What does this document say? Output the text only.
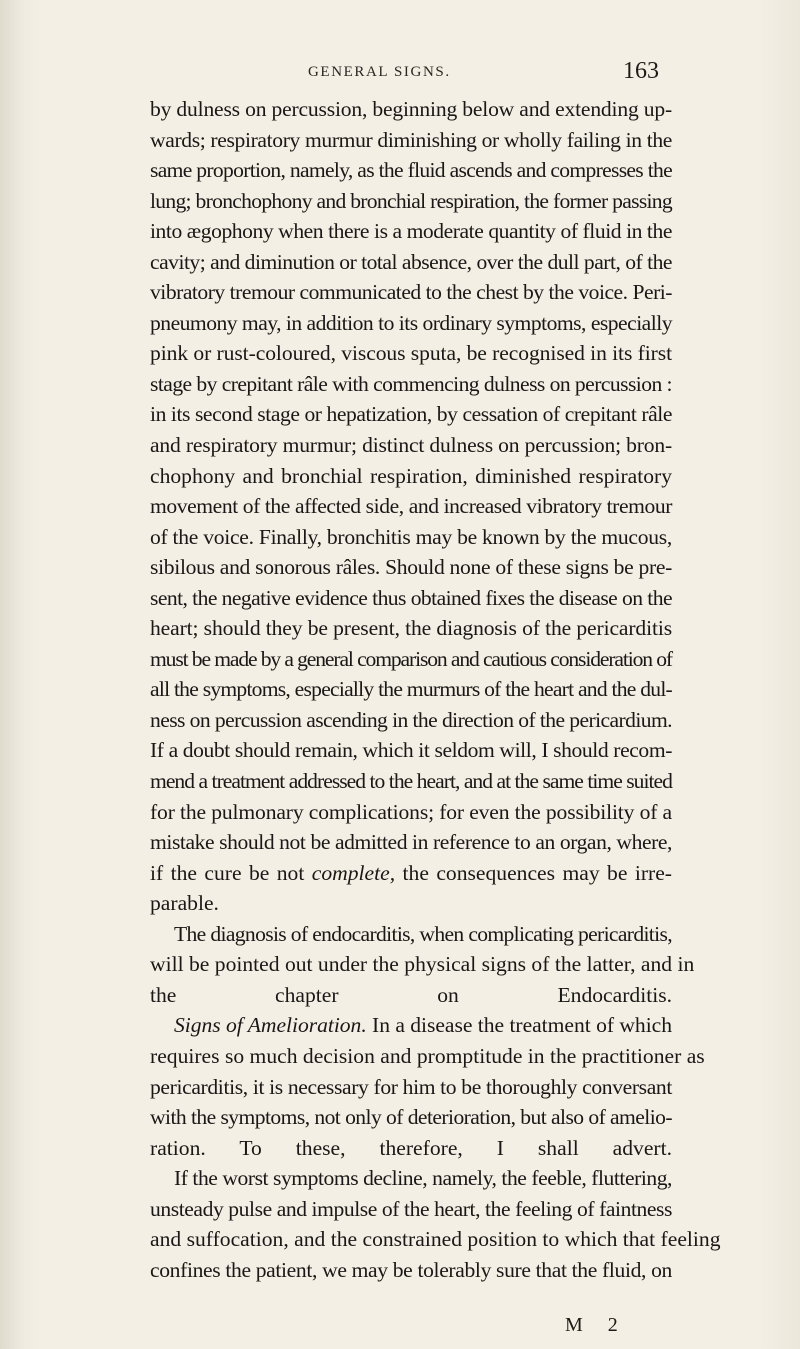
GENERAL SIGNS.	163
by dulness on percussion, beginning below and extending up-
wards; respiratory murmur diminishing or wholly failing in the
same proportion, namely, as the fluid ascends and compresses the
lung; bronchophony and bronchial respiration, the former passing
into ægophony when there is a moderate quantity of fluid in the
cavity; and diminution or total absence, over the dull part, of the
vibratory tremour communicated to the chest by the voice. Peri-
pneumony may, in addition to its ordinary symptoms, especially
pink or rust-coloured, viscous sputa, be recognised in its first
stage by crepitant râle with commencing dulness on percussion :
in its second stage or hepatization, by cessation of crepitant râle
and respiratory murmur; distinct dulness on percussion; bron-
chophony and bronchial respiration, diminished respiratory
movement of the affected side, and increased vibratory tremour
of the voice. Finally, bronchitis may be known by the mucous,
sibilous and sonorous râles. Should none of these signs be pre-
sent, the negative evidence thus obtained fixes the disease on the
heart; should they be present, the diagnosis of the pericarditis
must be made by a general comparison and cautious consideration of
all the symptoms, especially the murmurs of the heart and the dul-
ness on percussion ascending in the direction of the pericardium.
If a doubt should remain, which it seldom will, I should recom-
mend a treatment addressed to the heart, and at the same time suited
for the pulmonary complications; for even the possibility of a
mistake should not be admitted in reference to an organ, where,
if the cure be not complete, the consequences may be irre-
parable.
The diagnosis of endocarditis, when complicating pericarditis,
will be pointed out under the physical signs of the latter, and in
the chapter on Endocarditis.
Signs of Amelioration. In a disease the treatment of which
requires so much decision and promptitude in the practitioner as
pericarditis, it is necessary for him to be thoroughly conversant
with the symptoms, not only of deterioration, but also of amelio-
ration. To these, therefore, I shall advert.
If the worst symptoms decline, namely, the feeble, fluttering,
unsteady pulse and impulse of the heart, the feeling of faintness
and suffocation, and the constrained position to which that feeling
confines the patient, we may be tolerably sure that the fluid, on
M 2
